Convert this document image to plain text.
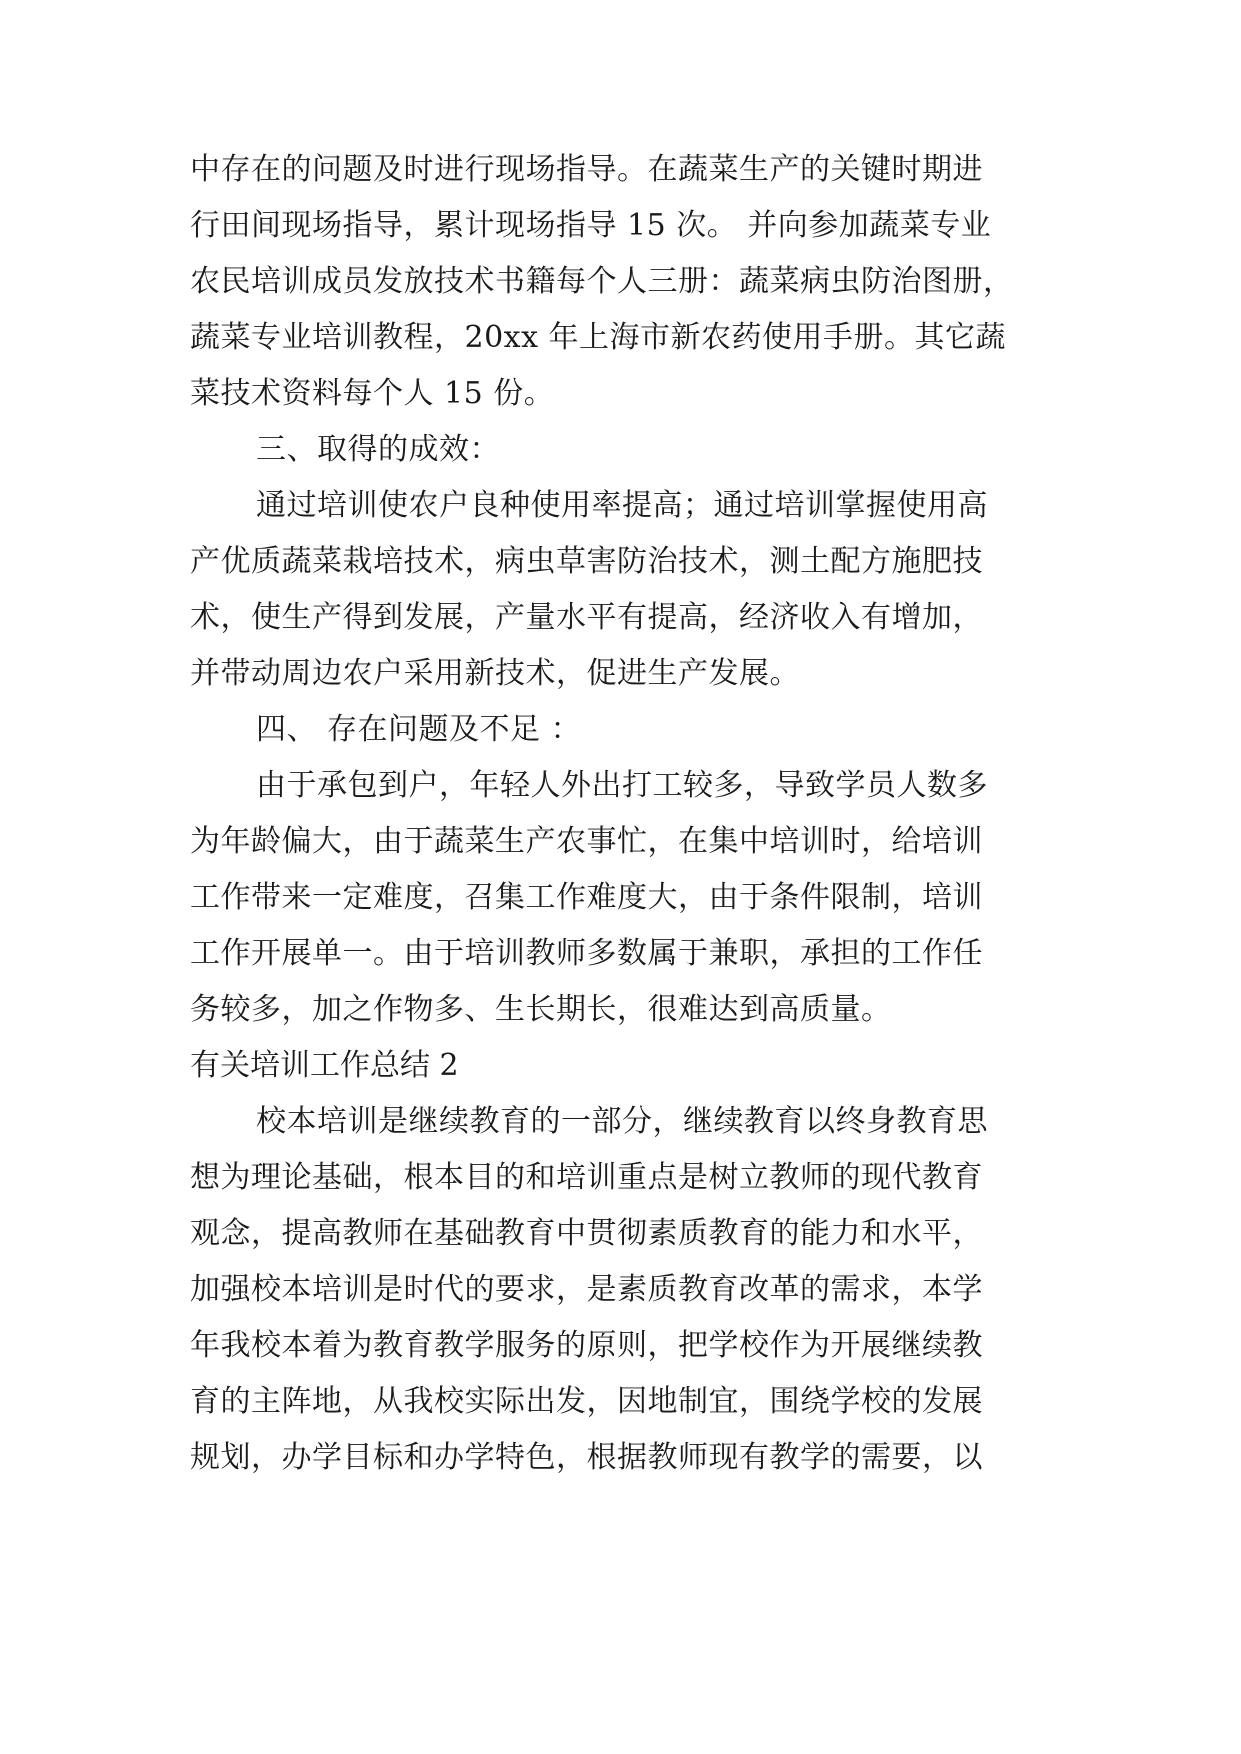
中存在的问题及时进行现场指导。在蔬菜生产的关键时期进
行田间现场指导，累计现场指导 15 次。 并向参加蔬菜专业
农民培训成员发放技术书籍每个人三册：蔬菜病虫防治图册，
蔬菜专业培训教程，20xx 年上海市新农药使用手册。其它蔬
菜技术资料每个人 15 份。
三、取得的成效：
通过培训使农户良种使用率提高；通过培训掌握使用高
产优质蔬菜栽培技术，病虫草害防治技术，测土配方施肥技
术，使生产得到发展，产量水平有提高，经济收入有增加，
并带动周边农户采用新技术，促进生产发展。
四、 存在问题及不足 ：
由于承包到户，年轻人外出打工较多，导致学员人数多
为年龄偏大，由于蔬菜生产农事忙，在集中培训时，给培训
工作带来一定难度，召集工作难度大，由于条件限制，培训
工作开展单一。由于培训教师多数属于兼职，承担的工作任
务较多，加之作物多、生长期长，很难达到高质量。
有关培训工作总结 2
校本培训是继续教育的一部分，继续教育以终身教育思
想为理论基础，根本目的和培训重点是树立教师的现代教育
观念，提高教师在基础教育中贯彻素质教育的能力和水平，
加强校本培训是时代的要求，是素质教育改革的需求，本学
年我校本着为教育教学服务的原则，把学校作为开展继续教
育的主阵地，从我校实际出发，因地制宜，围绕学校的发展
规划，办学目标和办学特色，根据教师现有教学的需要，以
